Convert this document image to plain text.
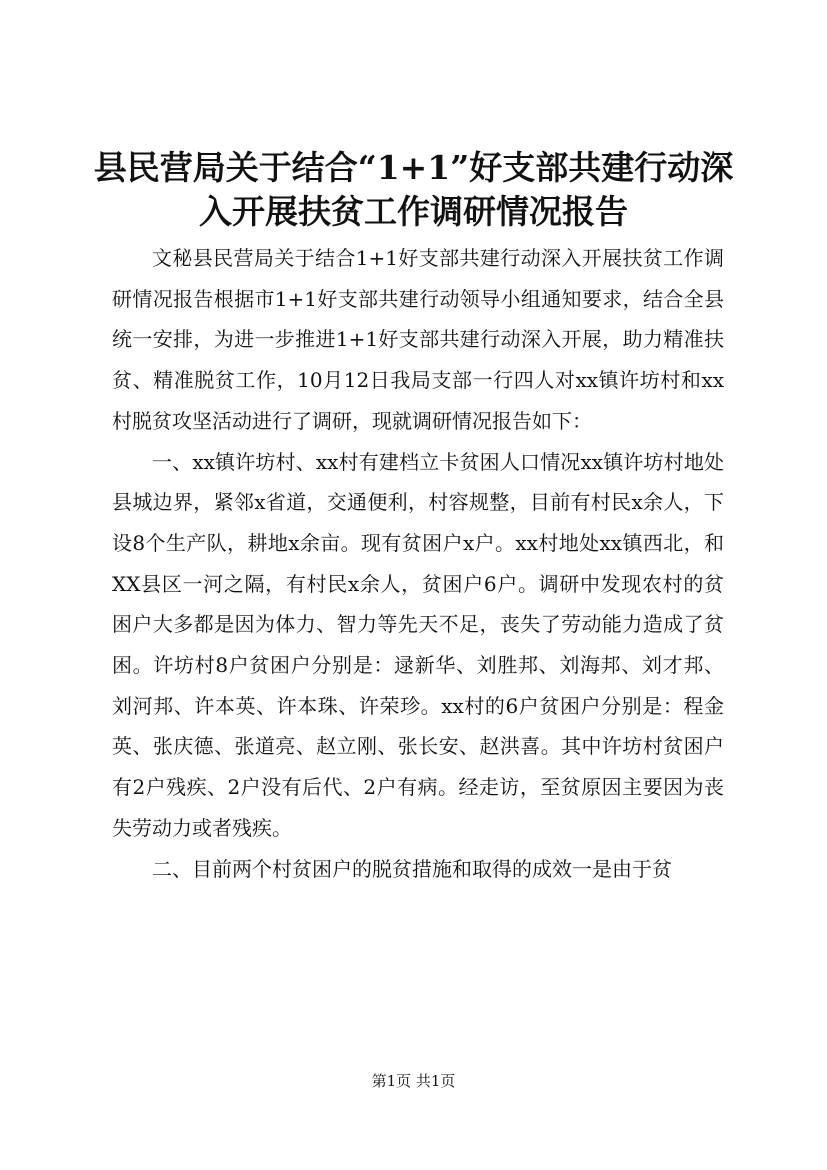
县民营局关于结合“1+1”好支部共建行动深
入开展扶贫工作调研情况报告

文秘县民营局关于结合1+1好支部共建行动深入开展扶贫工作调研情况报告根据市1+1好支部共建行动领导小组通知要求，结合全县统一安排，为进一步推进1+1好支部共建行动深入开展，助力精准扶贫、精准脱贫工作，10月12日我局支部一行四人对xx镇许坊村和xx村脱贫攻坚活动进行了调研，现就调研情况报告如下：

一、xx镇许坊村、xx村有建档立卡贫困人口情况xx镇许坊村地处县城边界，紧邻x省道，交通便利，村容规整，目前有村民x余人，下设8个生产队，耕地x余亩。现有贫困户x户。xx村地处xx镇西北，和XX县区一河之隔，有村民x余人，贫困户6户。调研中发现农村的贫困户大多都是因为体力、智力等先天不足，丧失了劳动能力造成了贫困。许坊村8户贫困户分别是：逯新华、刘胜邦、刘海邦、刘才邦、刘河邦、许本英、许本珠、许荣珍。xx村的6户贫困户分别是：程金英、张庆德、张道亮、赵立刚、张长安、赵洪喜。其中许坊村贫困户有2户残疾、2户没有后代、2户有病。经走访，至贫原因主要因为丧失劳动力或者残疾。

二、目前两个村贫困户的脱贫措施和取得的成效一是由于贫

第1页 共1页
